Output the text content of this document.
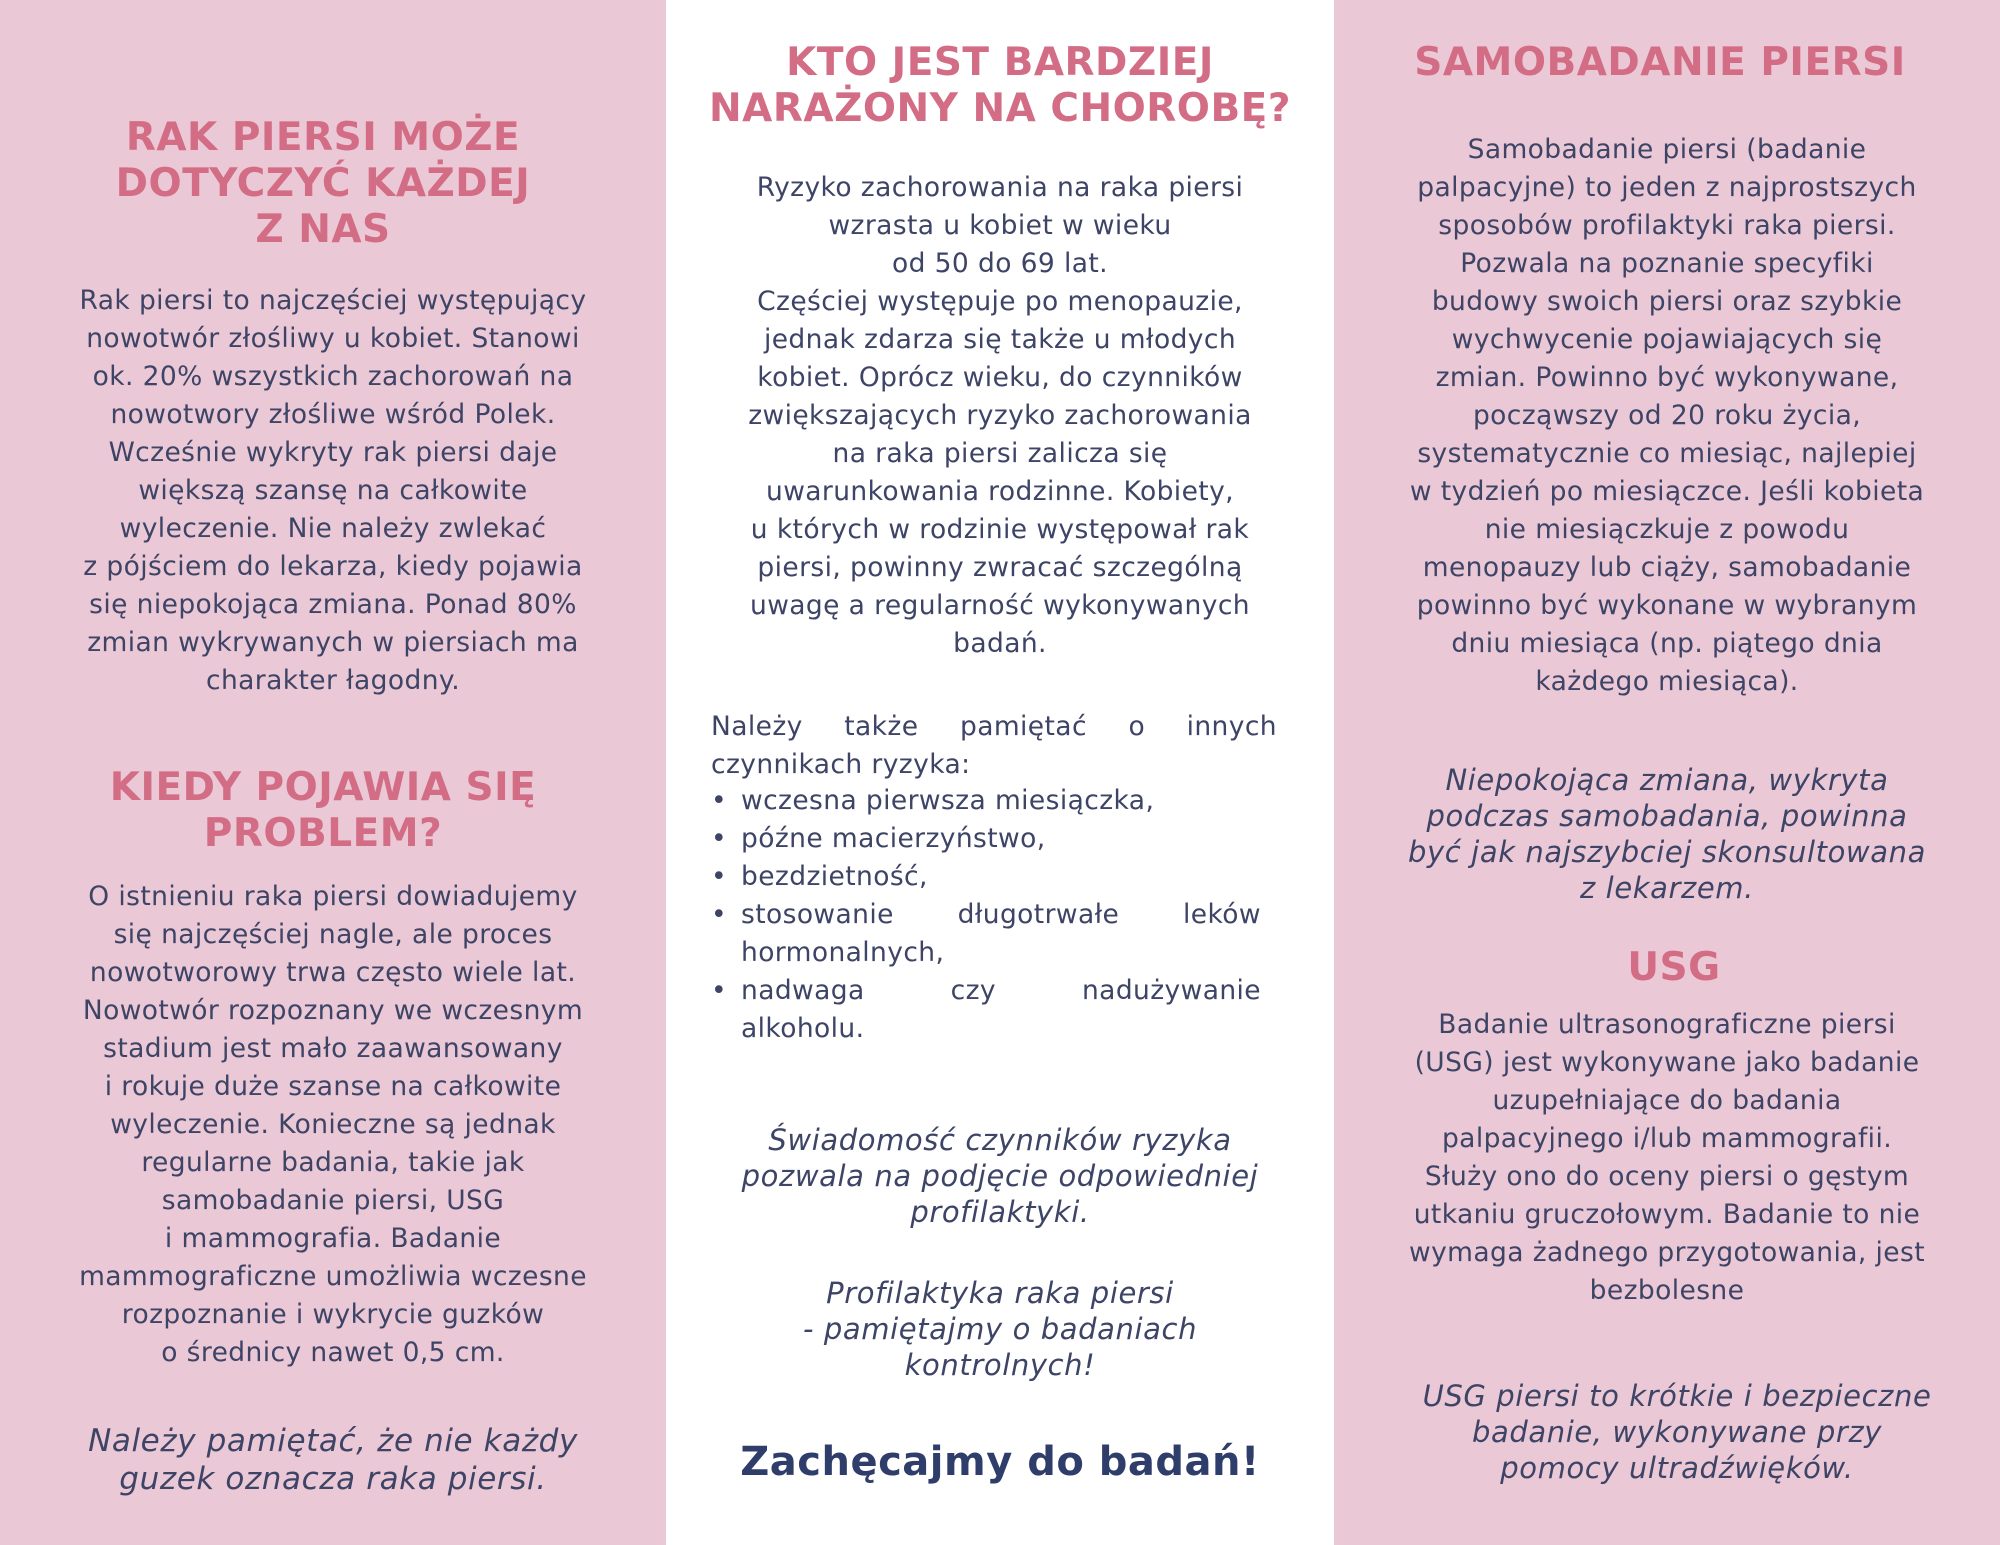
RAK PIERSI MOŻE
DOTYCZYĆ KAŻDEJ
Z NAS

Rak piersi to najczęściej występujący
nowotwór złośliwy u kobiet. Stanowi
ok. 20% wszystkich zachorowań na
nowotwory złośliwe wśród Polek.
Wcześnie wykryty rak piersi daje
większą szansę na całkowite
wyleczenie. Nie należy zwlekać
z pójściem do lekarza, kiedy pojawia
się niepokojąca zmiana. Ponad 80%
zmian wykrywanych w piersiach ma
charakter łagodny.

KIEDY POJAWIA SIĘ
PROBLEM?

O istnieniu raka piersi dowiadujemy
się najczęściej nagle, ale proces
nowotworowy trwa często wiele lat.
Nowotwór rozpoznany we wczesnym
stadium jest mało zaawansowany
i rokuje duże szanse na całkowite
wyleczenie. Konieczne są jednak
regularne badania, takie jak
samobadanie piersi, USG
i mammografia. Badanie
mammograficzne umożliwia wczesne
rozpoznanie i wykrycie guzków
o średnicy nawet 0,5 cm.

Należy pamiętać, że nie każdy
guzek oznacza raka piersi.

KTO JEST BARDZIEJ
NARAŻONY NA CHOROBĘ?

Ryzyko zachorowania na raka piersi
wzrasta u kobiet w wieku
od 50 do 69 lat.
Częściej występuje po menopauzie,
jednak zdarza się także u młodych
kobiet. Oprócz wieku, do czynników
zwiększających ryzyko zachorowania
na raka piersi zalicza się
uwarunkowania rodzinne. Kobiety,
u których w rodzinie występował rak
piersi, powinny zwracać szczególną
uwagę a regularność wykonywanych
badań.

Należy także pamiętać o innych
czynnikach ryzyka:

• wczesna pierwsza miesiączka,
• późne macierzyństwo,
• bezdzietność,
• stosowanie długotrwałe leków
hormonalnych,
• nadwaga czy nadużywanie
alkoholu.

Świadomość czynników ryzyka
pozwala na podjęcie odpowiedniej
profilaktyki.

Profilaktyka raka piersi
- pamiętajmy o badaniach
kontrolnych!

Zachęcajmy do badań!

SAMOBADANIE PIERSI

Samobadanie piersi (badanie
palpacyjne) to jeden z najprostszych
sposobów profilaktyki raka piersi.
Pozwala na poznanie specyfiki
budowy swoich piersi oraz szybkie
wychwycenie pojawiających się
zmian. Powinno być wykonywane,
począwszy od 20 roku życia,
systematycznie co miesiąc, najlepiej
w tydzień po miesiączce. Jeśli kobieta
nie miesiączkuje z powodu
menopauzy lub ciąży, samobadanie
powinno być wykonane w wybranym
dniu miesiąca (np. piątego dnia
każdego miesiąca).

Niepokojąca zmiana, wykryta
podczas samobadania, powinna
być jak najszybciej skonsultowana
z lekarzem.

USG

Badanie ultrasonograficzne piersi
(USG) jest wykonywane jako badanie
uzupełniające do badania
palpacyjnego i/lub mammografii.
Służy ono do oceny piersi o gęstym
utkaniu gruczołowym. Badanie to nie
wymaga żadnego przygotowania, jest
bezbolesne

USG piersi to krótkie i bezpieczne
badanie, wykonywane przy
pomocy ultradźwięków.
